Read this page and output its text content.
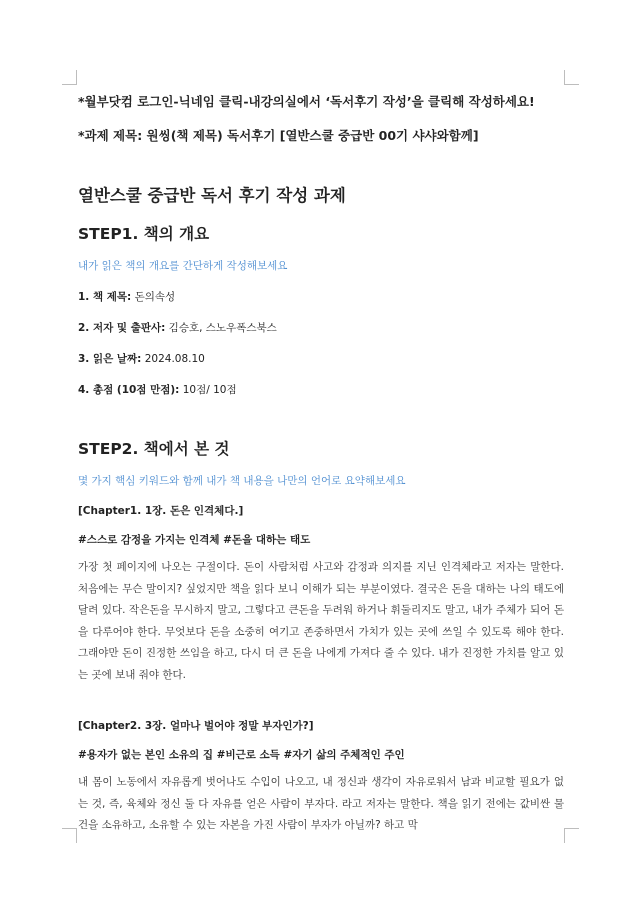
*월부닷컴 로그인-닉네임 클릭-내강의실에서 ‘독서후기 작성’을 클릭해 작성하세요!

*과제 제목: 원씽(책 제목) 독서후기 [열반스쿨 중급반 00기 샤샤와함께]

열반스쿨 중급반 독서 후기 작성 과제
STEP1. 책의 개요

내가 읽은 책의 개요를 간단하게 작성해보세요

1. 책 제목: 돈의속성

2. 저자 및 출판사: 김승호, 스노우폭스북스

3. 읽은 날짜: 2024.08.10

4. 총점 (10점 만점): 10점/ 10점

STEP2. 책에서 본 것

몇 가지 핵심 키워드와 함께 내가 책 내용을 나만의 언어로 요약해보세요

[Chapter1. 1장. 돈은 인격체다.]

#스스로 감정을 가지는 인격체 #돈을 대하는 태도

가장 첫 페이지에 나오는 구절이다. 돈이 사람처럼 사고와 감정과 의지를 지닌 인격체라고 저자는 말한다. 처음에는 무슨 말이지? 싶었지만 책을 읽다 보니 이해가 되는 부분이였다. 결국은 돈을 대하는 나의 태도에 달려 있다. 작은돈을 무시하지 말고, 그렇다고 큰돈을 두려워 하거나 휘둘리지도 말고, 내가 주체가 되어 돈을 다루어야 한다. 무엇보다 돈을 소중히 여기고 존중하면서 가치가 있는 곳에 쓰일 수 있도록 해야 한다. 그래야만 돈이 진정한 쓰임을 하고, 다시 더 큰 돈을 나에게 가져다 줄 수 있다. 내가 진정한 가치를 알고 있는 곳에 보내 줘야 한다.

[Chapter2. 3장. 얼마나 벌어야 정말 부자인가?]

#용자가 없는 본인 소유의 집 #비근로 소득 #자기 삶의 주체적인 주인

내 몸이 노동에서 자유롭게 벗어나도 수입이 나오고, 내 정신과 생각이 자유로워서 남과 비교할 필요가 없는 것, 즉, 육체와 정신 둘 다 자유를 얻은 사람이 부자다. 라고 저자는 말한다. 책을 읽기 전에는 값비싼 물건을 소유하고, 소유할 수 있는 자본을 가진 사람이 부자가 아닐까? 하고 막
